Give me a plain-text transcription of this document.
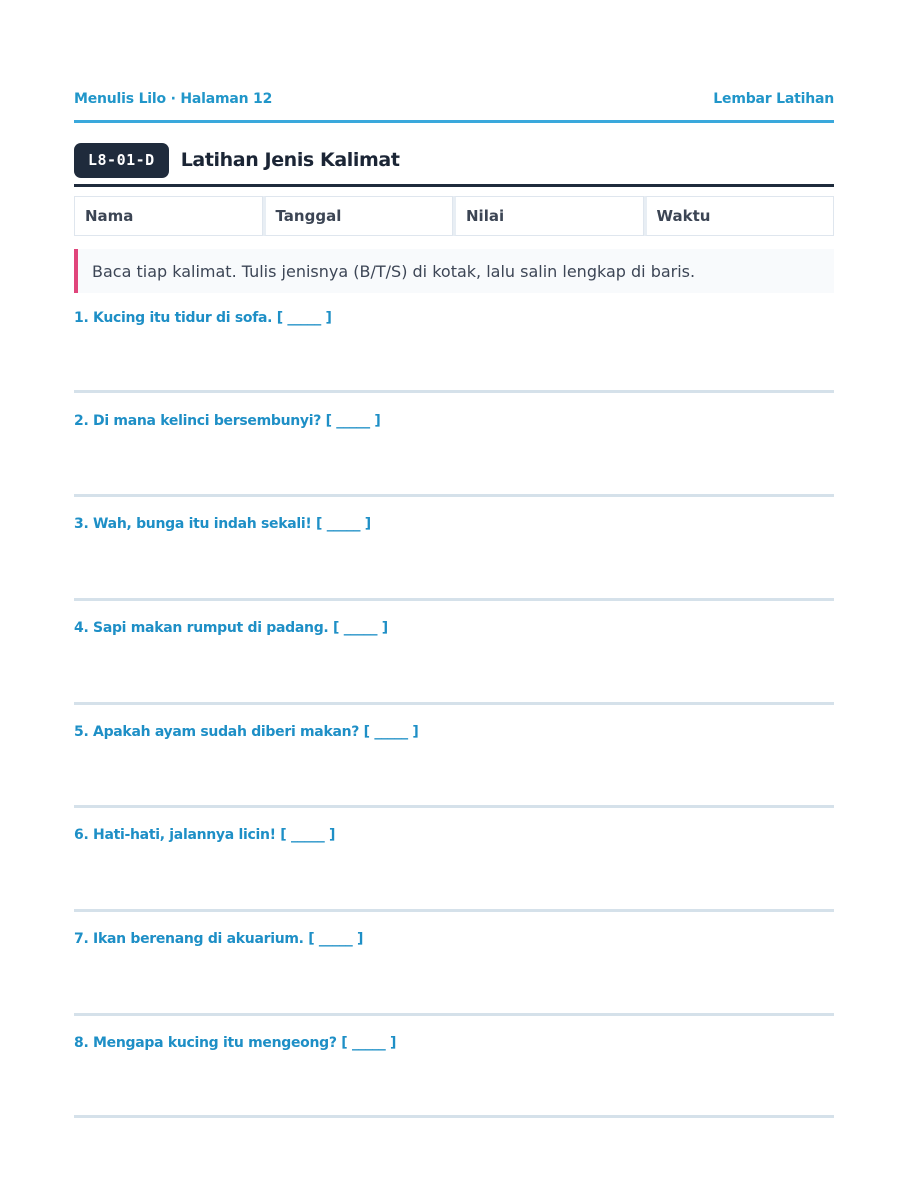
Menulis Lilo · Halaman 12	Lembar Latihan
L8-01-D	Latihan Jenis Kalimat
Nama	Tanggal	Nilai	Waktu
Baca tiap kalimat. Tulis jenisnya (B/T/S) di kotak, lalu salin lengkap di baris.
1. Kucing itu tidur di sofa. [ _____ ]
2. Di mana kelinci bersembunyi? [ _____ ]
3. Wah, bunga itu indah sekali! [ _____ ]
4. Sapi makan rumput di padang. [ _____ ]
5. Apakah ayam sudah diberi makan? [ _____ ]
6. Hati-hati, jalannya licin! [ _____ ]
7. Ikan berenang di akuarium. [ _____ ]
8. Mengapa kucing itu mengeong? [ _____ ]
